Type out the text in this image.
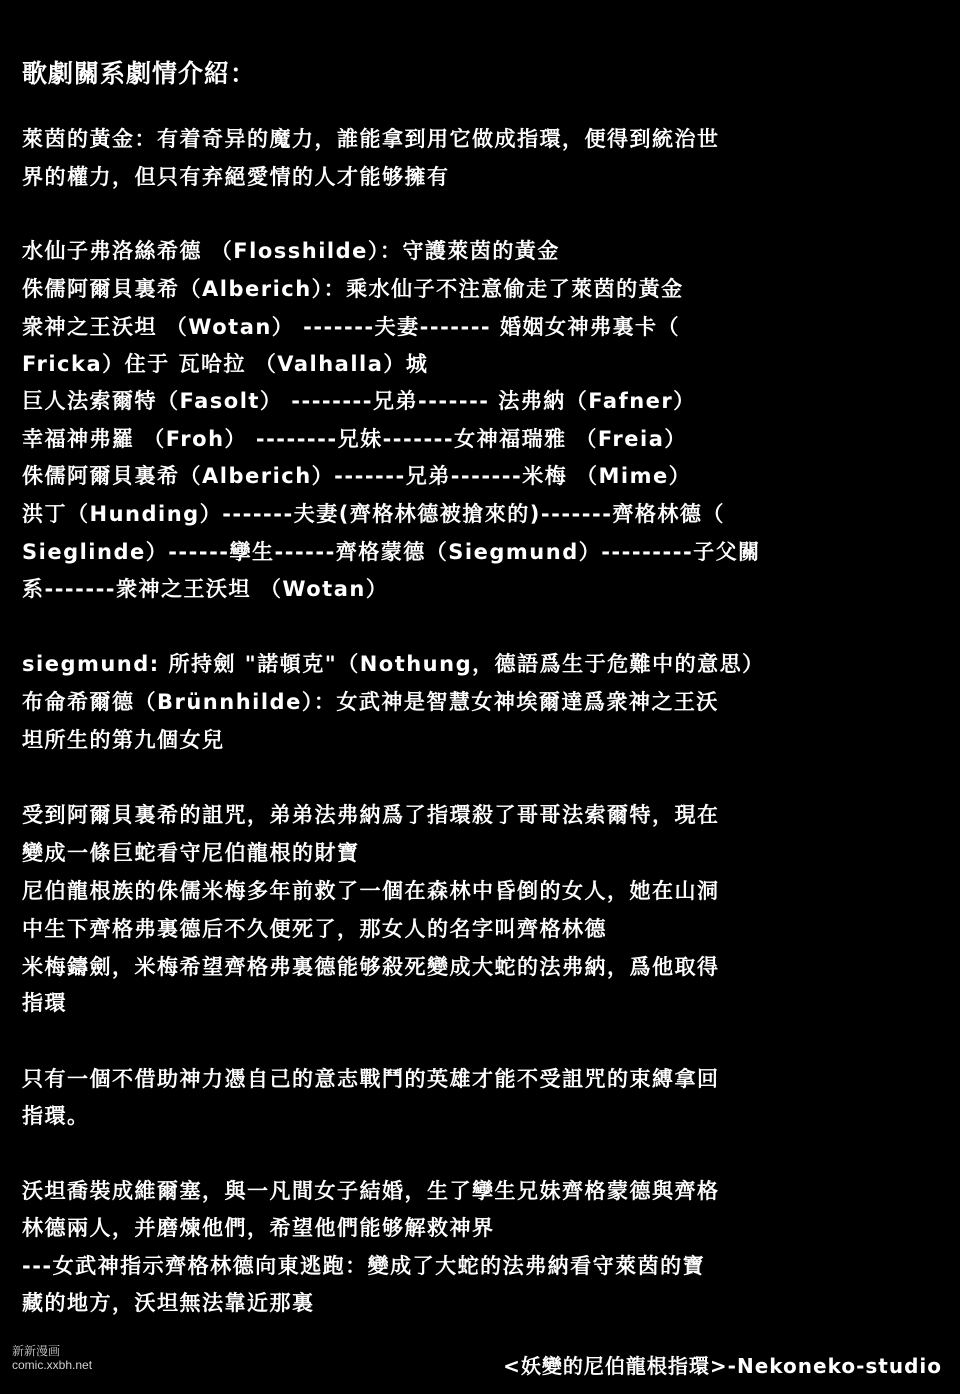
歌劇關系劇情介紹：
萊茵的黃金：有着奇异的魔力，誰能拿到用它做成指環，便得到統治世
界的權力，但只有弃絕愛情的人才能够擁有
水仙子弗洛絲希德 （Flosshilde）：守護萊茵的黃金
侏儒阿爾貝裏希（Alberich）：乘水仙子不注意偷走了萊茵的黃金
衆神之王沃坦 （Wotan） -------夫妻------- 婚姻女神弗裏卡（
Fricka）住于 瓦哈拉 （Valhalla）城
巨人法索爾特（Fasolt） --------兄弟------- 法弗納（Fafner）
幸福神弗羅 （Froh） --------兄妹-------女神福瑞雅 （Freia）
侏儒阿爾貝裏希（Alberich）-------兄弟-------米梅 （Mime）
洪丁（Hunding）-------夫妻(齊格林德被搶來的)-------齊格林德（
Sieglinde）------孿生------齊格蒙德（Siegmund）---------子父關
系-------衆神之王沃坦 （Wotan）
siegmund: 所持劍 "諾頓克"（Nothung，德語爲生于危難中的意思）
布侖希爾德（Brünnhilde）：女武神是智慧女神埃爾達爲衆神之王沃
坦所生的第九個女兒
受到阿爾貝裏希的詛咒，弟弟法弗納爲了指環殺了哥哥法索爾特，現在
變成一條巨蛇看守尼伯龍根的財寶
尼伯龍根族的侏儒米梅多年前救了一個在森林中昏倒的女人，她在山洞
中生下齊格弗裏德后不久便死了，那女人的名字叫齊格林德
米梅鑄劍，米梅希望齊格弗裏德能够殺死變成大蛇的法弗納，爲他取得
指環
只有一個不借助神力憑自己的意志戰鬥的英雄才能不受詛咒的束縛拿回
指環。
沃坦喬裝成維爾塞，與一凡間女子結婚，生了孿生兄妹齊格蒙德與齊格
林德兩人，并磨煉他們，希望他們能够解救神界
---女武神指示齊格林德向東逃跑：變成了大蛇的法弗納看守萊茵的寶
藏的地方，沃坦無法靠近那裏
新新漫画
comic.xxbh.net	<妖變的尼伯龍根指環>-Nekoneko-studio
